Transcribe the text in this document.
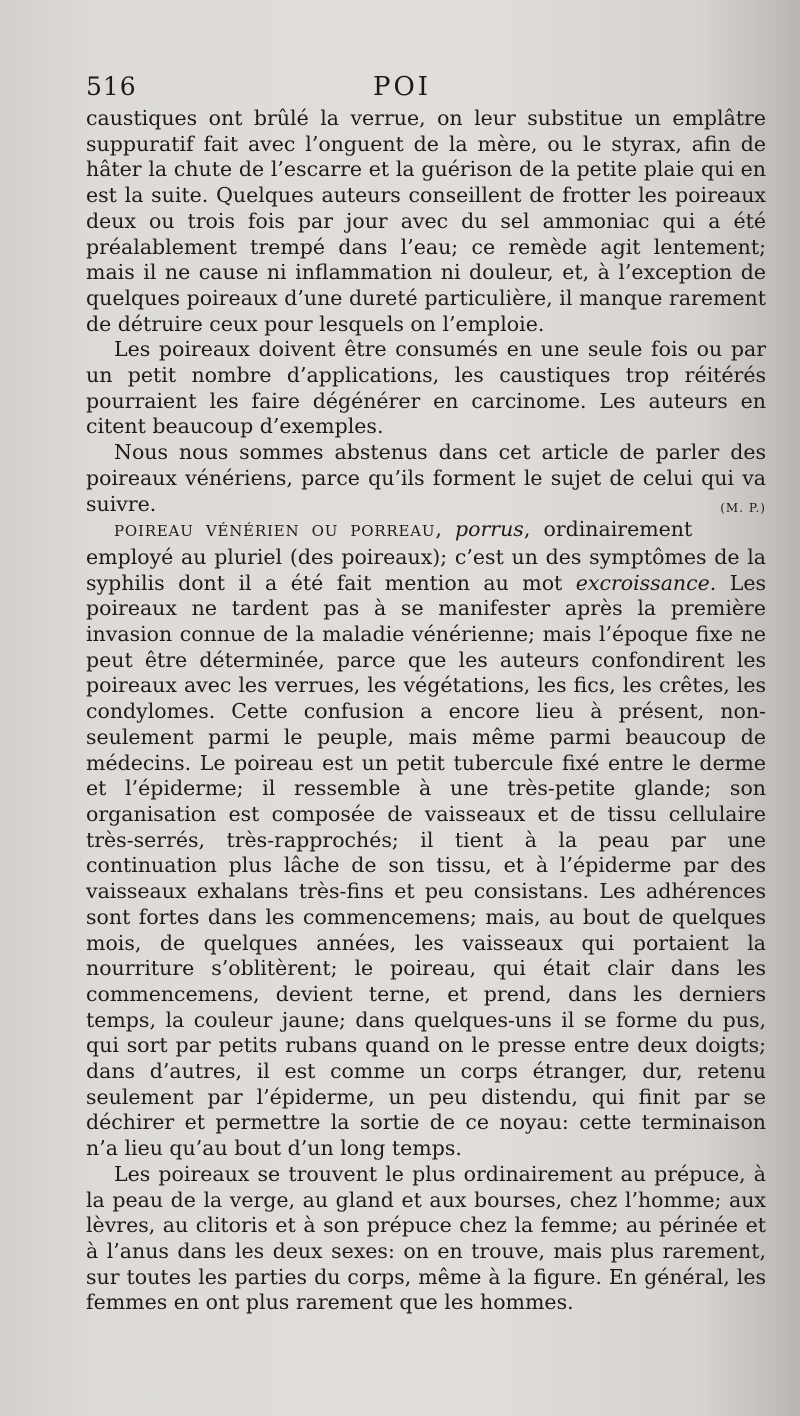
516	POI

caustiques ont brûlé la verrue, on leur substitue un emplâtre suppuratif fait avec l’onguent de la mère, ou le styrax, afin de hâter la chute de l’escarre et la guérison de la petite plaie qui en est la suite. Quelques auteurs conseillent de frotter les poireaux deux ou trois fois par jour avec du sel ammoniac qui a été préalablement trempé dans l’eau; ce remède agit lentement; mais il ne cause ni inflammation ni douleur, et, à l’exception de quelques poireaux d’une dureté particulière, il manque rarement de détruire ceux pour lesquels on l’emploie.

Les poireaux doivent être consumés en une seule fois ou par un petit nombre d’applications, les caustiques trop réitérés pourraient les faire dégénérer en carcinome. Les auteurs en citent beaucoup d’exemples.

Nous nous sommes abstenus dans cet article de parler des poireaux vénériens, parce qu’ils forment le sujet de celui qui va suivre.	(M. P.)

POIREAU VÉNÉRIEN OU PORREAU, porrus, ordinairement employé au pluriel (des poireaux); c’est un des symptômes de la syphilis dont il a été fait mention au mot excroissance. Les poireaux ne tardent pas à se manifester après la première invasion connue de la maladie vénérienne; mais l’époque fixe ne peut être déterminée, parce que les auteurs confondirent les poireaux avec les verrues, les végétations, les fics, les crêtes, les condylomes. Cette confusion a encore lieu à présent, non-seulement parmi le peuple, mais même parmi beaucoup de médecins. Le poireau est un petit tubercule fixé entre le derme et l’épiderme; il ressemble à une très-petite glande; son organisation est composée de vaisseaux et de tissu cellulaire très-serrés, très-rapprochés; il tient à la peau par une continuation plus lâche de son tissu, et à l’épiderme par des vaisseaux exhalans très-fins et peu consistans. Les adhérences sont fortes dans les commencemens; mais, au bout de quelques mois, de quelques années, les vaisseaux qui portaient la nourriture s’oblitèrent; le poireau, qui était clair dans les commencemens, devient terne, et prend, dans les derniers temps, la couleur jaune; dans quelques-uns il se forme du pus, qui sort par petits rubans quand on le presse entre deux doigts; dans d’autres, il est comme un corps étranger, dur, retenu seulement par l’épiderme, un peu distendu, qui finit par se déchirer et permettre la sortie de ce noyau: cette terminaison n’a lieu qu’au bout d’un long temps.

Les poireaux se trouvent le plus ordinairement au prépuce, à la peau de la verge, au gland et aux bourses, chez l’homme; aux lèvres, au clitoris et à son prépuce chez la femme; au périnée et à l’anus dans les deux sexes: on en trouve, mais plus rarement, sur toutes les parties du corps, même à la figure. En général, les femmes en ont plus rarement que les hommes.
